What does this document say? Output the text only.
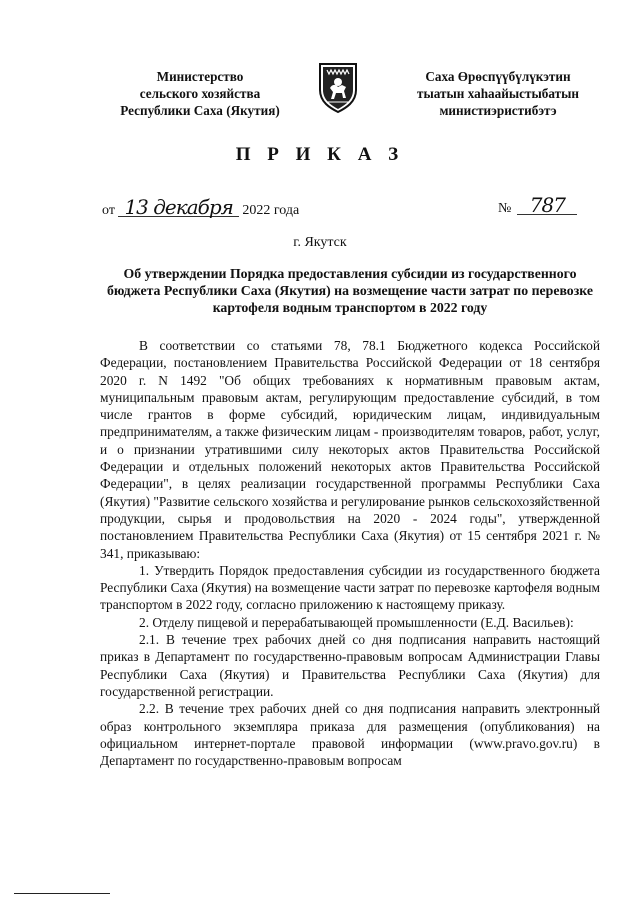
Министерство
сельского хозяйства
Республики Саха (Якутия)
Саха Өрөспүүбүлүкэтин
тыатын хаhаайыстыбатын
министиэристибэтэ
П Р И К А З
от 13 декабря 2022 года	№ 787
г. Якутск
Об утверждении Порядка предоставления субсидии из государственного бюджета Республики Саха (Якутия) на возмещение части затрат по перевозке картофеля водным транспортом в 2022 году

В соответствии со статьями 78, 78.1 Бюджетного кодекса Российской Федерации, постановлением Правительства Российской Федерации от 18 сентября 2020 г. N 1492 "Об общих требованиях к нормативным правовым актам, муниципальным правовым актам, регулирующим предоставление субсидий, в том числе грантов в форме субсидий, юридическим лицам, индивидуальным предпринимателям, а также физическим лицам - производителям товаров, работ, услуг, и о признании утратившими силу некоторых актов Правительства Российской Федерации и отдельных положений некоторых актов Правительства Российской Федерации", в целях реализации государственной программы Республики Саха (Якутия) "Развитие сельского хозяйства и регулирование рынков сельскохозяйственной продукции, сырья и продовольствия на 2020 - 2024 годы", утвержденной постановлением Правительства Республики Саха (Якутия) от 15 сентября 2021 г. № 341, приказываю:

1. Утвердить Порядок предоставления субсидии из государственного бюджета Республики Саха (Якутия) на возмещение части затрат по перевозке картофеля водным транспортом в 2022 году, согласно приложению к настоящему приказу.

2. Отделу пищевой и перерабатывающей промышленности (Е.Д. Васильев):

2.1. В течение трех рабочих дней со дня подписания направить настоящий приказ в Департамент по государственно-правовым вопросам Администрации Главы Республики Саха (Якутия) и Правительства Республики Саха (Якутия) для государственной регистрации.

2.2. В течение трех рабочих дней со дня подписания направить электронный образ контрольного экземпляра приказа для размещения (опубликования) на официальном интернет-портале правовой информации (www.pravo.gov.ru) в Департамент по государственно-правовым вопросам
